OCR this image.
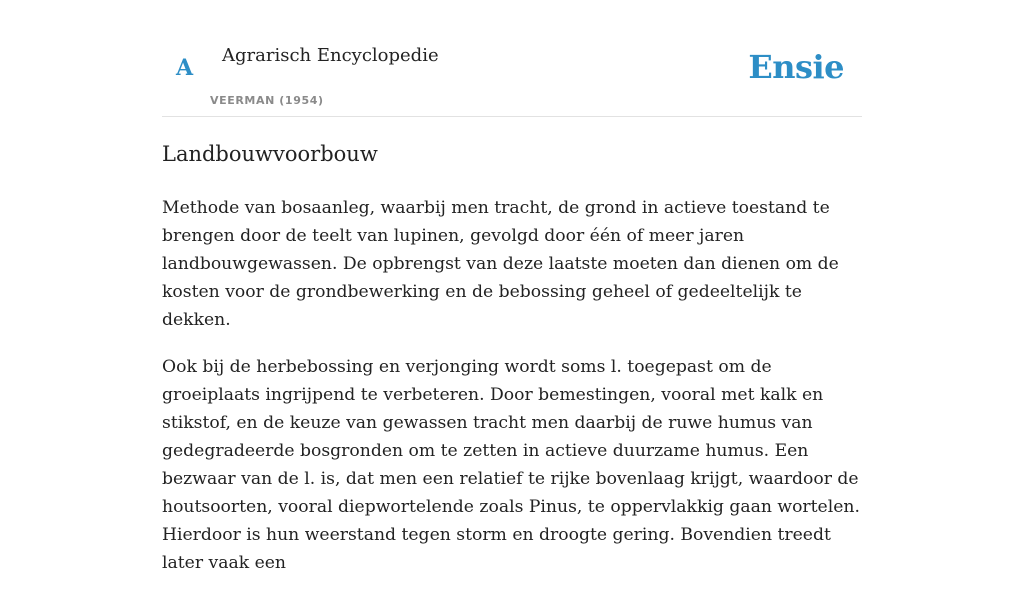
A Agrarisch Encyclopedie
VEERMAN (1954)
Ensie
Landbouwvoorbouw

Methode van bosaanleg, waarbij men tracht, de grond in actieve toestand te brengen door de teelt van lupinen, gevolgd door één of meer jaren landbouwgewassen. De opbrengst van deze laatste moeten dan dienen om de kosten voor de grondbewerking en de bebossing geheel of gedeeltelijk te dekken.

Ook bij de herbebossing en verjonging wordt soms l. toegepast om de groeiplaats ingrijpend te verbeteren. Door bemestingen, vooral met kalk en stikstof, en de keuze van gewassen tracht men daarbij de ruwe humus van gedegradeerde bosgronden om te zetten in actieve duurzame humus. Een bezwaar van de l. is, dat men een relatief te rijke bovenlaag krijgt, waardoor de houtsoorten, vooral diepwortelende zoals Pinus, te oppervlakkig gaan wortelen. Hierdoor is hun weerstand tegen storm en droogte gering. Bovendien treedt later vaak een
